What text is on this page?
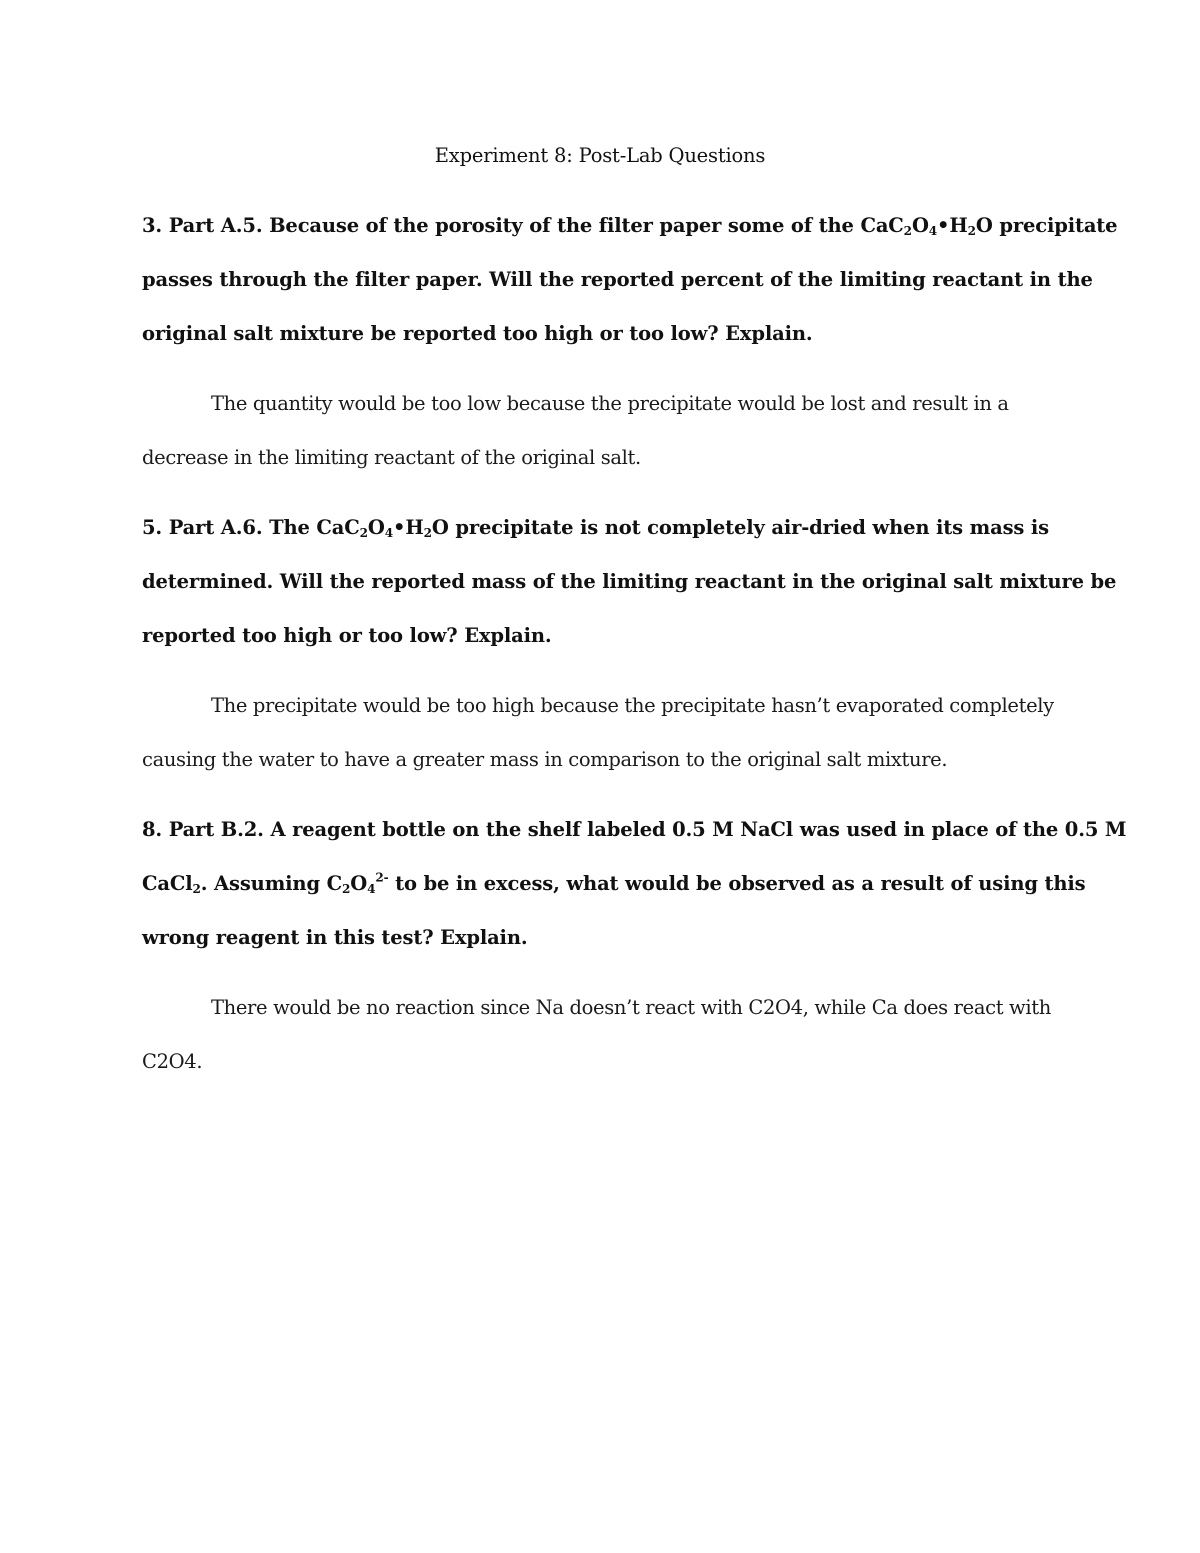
Experiment 8: Post-Lab Questions
3. Part A.5. Because of the porosity of the filter paper some of the $CaC_2O_4•H_2O$ precipitate
passes through the filter paper. Will the reported percent of the limiting reactant in the
original salt mixture be reported too high or too low? Explain.
The quantity would be too low because the precipitate would be lost and result in a
decrease in the limiting reactant of the original salt.
5. Part A.6. The $CaC_2O_4•H_2O$ precipitate is not completely air-dried when its mass is
determined. Will the reported mass of the limiting reactant in the original salt mixture be
reported too high or too low? Explain.
The precipitate would be too high because the precipitate hasn’t evaporated completely
causing the water to have a greater mass in comparison to the original salt mixture.
8. Part B.2. A reagent bottle on the shelf labeled 0.5 M NaCl was used in place of the 0.5 M
CaCl$_2$. Assuming $C_2O_4^{2-}$ to be in excess, what would be observed as a result of using this
wrong reagent in this test? Explain.
There would be no reaction since Na doesn’t react with C2O4, while Ca does react with
C2O4.
